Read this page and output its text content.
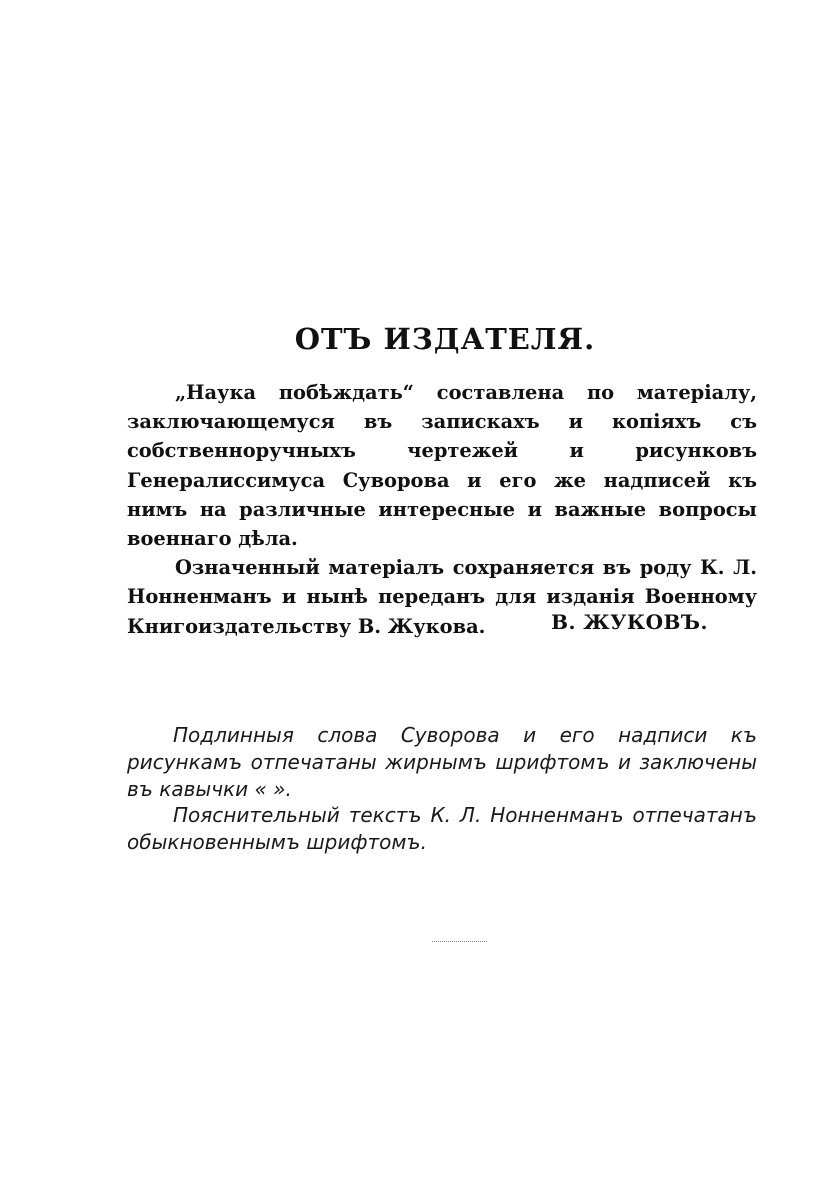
ОТЪ ИЗДАТЕЛЯ.

„Наука побѣждать“ составлена по матеріалу, заключающемуся въ запискахъ и копіяхъ съ собственноручныхъ чертежей и рисунковъ Генералиссимуса Суворова и его же надписей къ нимъ на различные интересные и важные вопросы военнаго дѣла.

Означенный матеріалъ сохраняется въ роду К. Л. Нонненманъ и нынѣ переданъ для изданія Военному Книгоиздательству В. Жукова.	В. ЖУКОВЪ.

Подлинныя слова Суворова и его надписи къ рисункамъ отпечатаны жирнымъ шрифтомъ и заключены въ кавычки « ».

Пояснительный текстъ К. Л. Нонненманъ отпечатанъ обыкновеннымъ шрифтомъ.
